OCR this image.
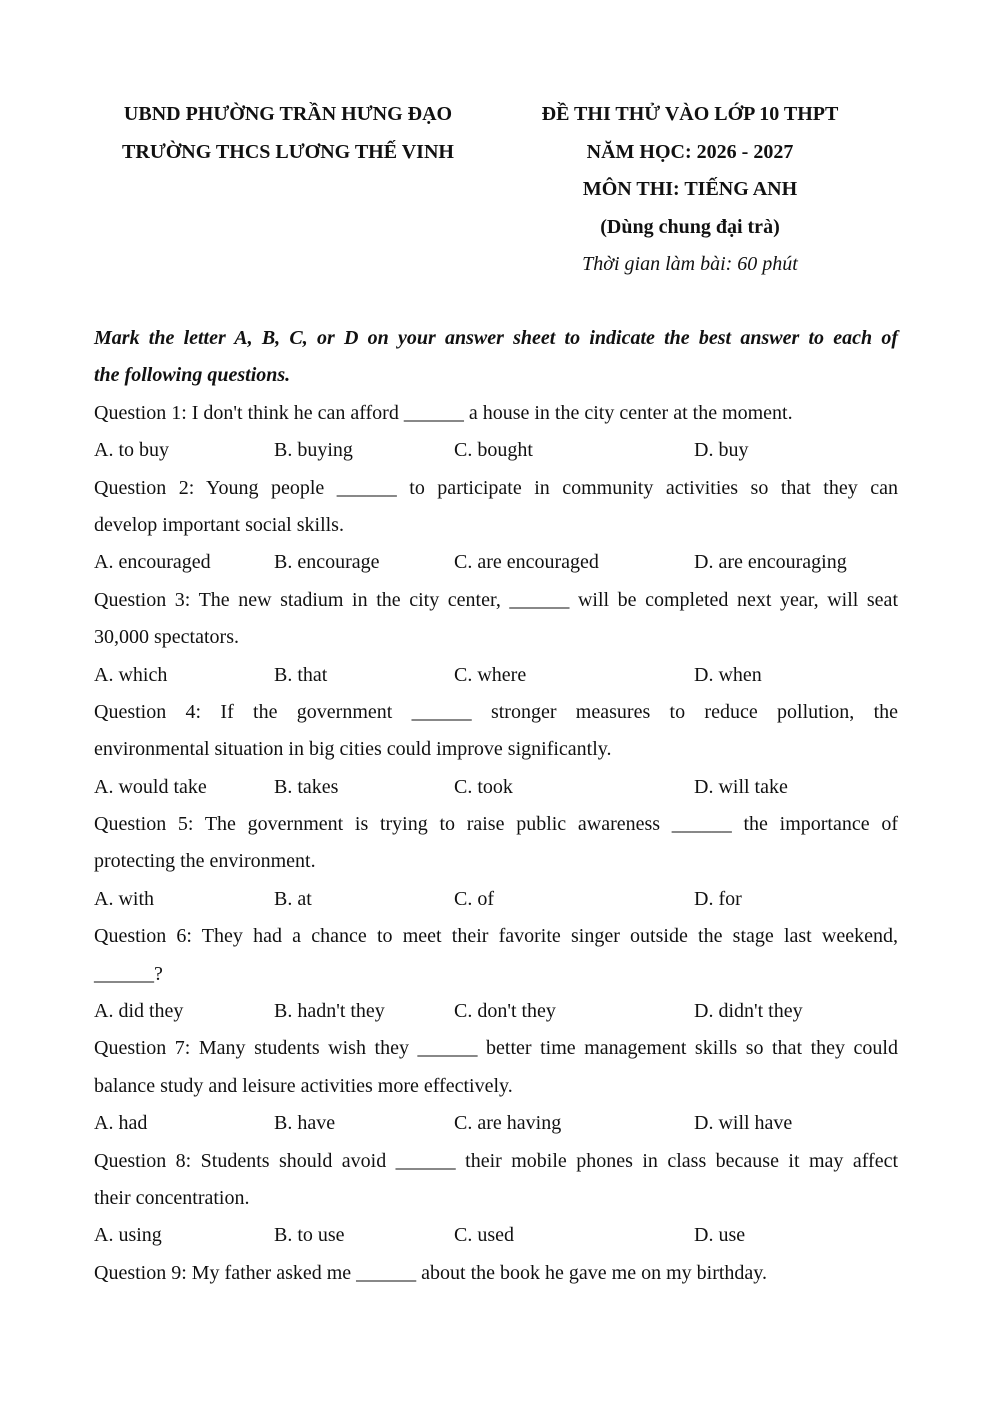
UBND PHƯỜNG TRẦN HƯNG ĐẠO
TRƯỜNG THCS LƯƠNG THẾ VINH
ĐỀ THI THỬ VÀO LỚP 10 THPT
NĂM HỌC: 2026 - 2027
MÔN THI: TIẾNG ANH
(Dùng chung đại trà)
Thời gian làm bài: 60 phút
Mark the letter A, B, C, or D on your answer sheet to indicate the best answer to each of
the following questions.
Question 1: I don't think he can afford ______ a house in the city center at the moment.
A. to buy	B. buying	C. bought	D. buy
Question 2: Young people ______ to participate in community activities so that they can
develop important social skills.
A. encouraged	B. encourage	C. are encouraged	D. are encouraging
Question 3: The new stadium in the city center, ______ will be completed next year, will seat
30,000 spectators.
A. which	B. that	C. where	D. when
Question 4: If the government ______ stronger measures to reduce pollution, the
environmental situation in big cities could improve significantly.
A. would take	B. takes	C. took	D. will take
Question 5: The government is trying to raise public awareness ______ the importance of
protecting the environment.
A. with	B. at	C. of	D. for
Question 6: They had a chance to meet their favorite singer outside the stage last weekend,
______?
A. did they	B. hadn't they	C. don't they	D. didn't they
Question 7: Many students wish they ______ better time management skills so that they could
balance study and leisure activities more effectively.
A. had	B. have	C. are having	D. will have
Question 8: Students should avoid ______ their mobile phones in class because it may affect
their concentration.
A. using	B. to use	C. used	D. use
Question 9: My father asked me ______ about the book he gave me on my birthday.
